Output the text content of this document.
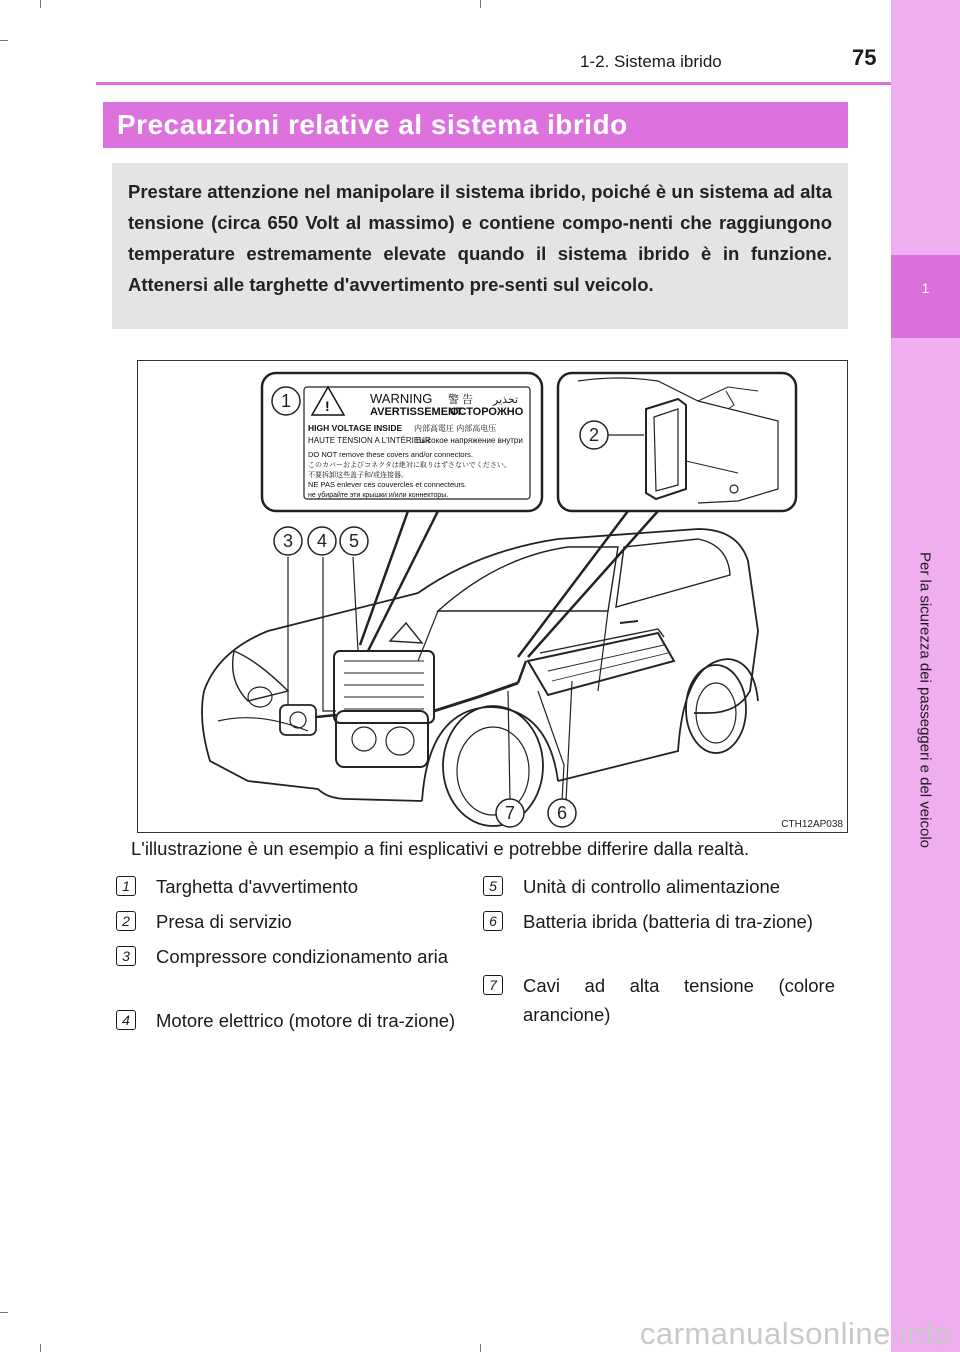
1
Per la sicurezza dei passeggeri e del veicolo
1-2. Sistema ibrido	75
Precauzioni relative al sistema ibrido

Prestare attenzione nel manipolare il sistema ibrido, poiché è un sistema ad alta tensione (circa 650 Volt al massimo) e contiene compo-nenti che raggiungono temperature estremamente elevate quando il sistema ibrido è in funzione. Attenersi alle targhette d'avvertimento pre-senti sul veicolo.

!	WARNING 警 告 تحذير
AVERTISSEMENT
ОСТОРОЖНО
HIGH VOLTAGE INSIDE 内部高電圧 内部高电压
HAUTE TENSION A L'INTÉRIEUR
Высокое напряжение внутри
DO NOT remove these covers and/or connectors.
このカバーおよびコネクタは絶対に取りはずさないでください。
不要拆卸这些盖子和/或连接器。
NE PAS enlever ces couvercles et connecteurs.
не убирайте эти крышки и/или коннекторы.
1
2
3 4 5
6
7
CTH12AP038
L'illustrazione è un esempio a fini esplicativi e potrebbe differire dalla realtà.
1	Targhetta d'avvertimento
2	Presa di servizio
3	Compressore condizionamento aria
4	Motore elettrico (motore di tra-zione)
5	Unità di controllo alimentazione
6	Batteria ibrida (batteria di tra-zione)
7	Cavi ad alta tensione (colore arancione)
carmanualsonline.info
